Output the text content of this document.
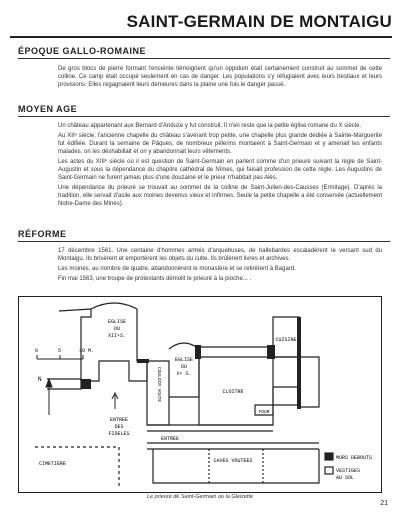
SAINT-GERMAIN DE MONTAIGU
ÉPOQUE GALLO-ROMAINE

De gros blocs de pierre formant l'enceinte témoignent qu'un oppidum était certainement construit au sommet de cette colline. Ce camp était occupé seulement en cas de danger. Les populations s'y réfugiaient avec leurs bestiaux et leurs provisions. Elles regagnaient leurs demeures dans la plaine une fois le danger passé.

MOYEN AGE

Un château appartenant aux Bernard d'Anduze y fut construit. Il n'en reste que la petite église romane du X siècle.

Au XIIᵉ siècle, l'ancienne chapelle du château s'avérant trop petite, une chapelle plus grande dédiée à Sainte-Marguerite fut édifiée. Durant la semaine de Pâques, de nombreux pèlerins montaient à Saint-Germain et y amenait les enfants malades, on les déshabillait et on y abandonnait leurs vêtements.

Les actes du XIIIᵉ siècle où il est question de Saint-Germain en parlent comme d'un prieuré suivant la règle de Saint-Augustin et sous la dépendance du chapitre cathédral de Nîmes, qui faisait profession de cette règle. Les Augustins de Saint-Germain ne furent jamais plus d'une douzaine et le prieur n'habitait pas Alès.

Une dépendance du prieuré se trouvait au sommet de la colline de Saint-Julien-des-Causses (Ermitage). D'après la tradition, elle servait d'asile aux moines devenus vieux et infirmes. Seule la petite chapelle a été conservée (actuellement Notre-Dame des Mines).

RÉFORME

17 décembre 1561. Une centaine d'hommes armés d'arquebuses, de hallebardes escaladèrent le versant sud du Montaigu. Ils brisèrent et emportèrent les objets du culte. Ils brûlèrent livres et archives.

Les moines, au nombre de quatre, abandonnèrent le monastère et se retirèrent à Bagard.

Fin mai 1563, une troupe de protestants démolit le prieuré à la pioche... .

0	5	10 M.
N
EGLISE
DU
XIIᵉS.
COULOIR VOUTE
EGLISE
DU
Xᵉ S.
CUISINE
CLOITRE
ENTREE
DES
FIDELES
FOUR
ENTREE
CAVES VOUTEES
CIMETIERE
MURS DEBOUTS
VESTIGES
AU SOL
Le prieuré de Saint-Germain ou la Gleizette
21
